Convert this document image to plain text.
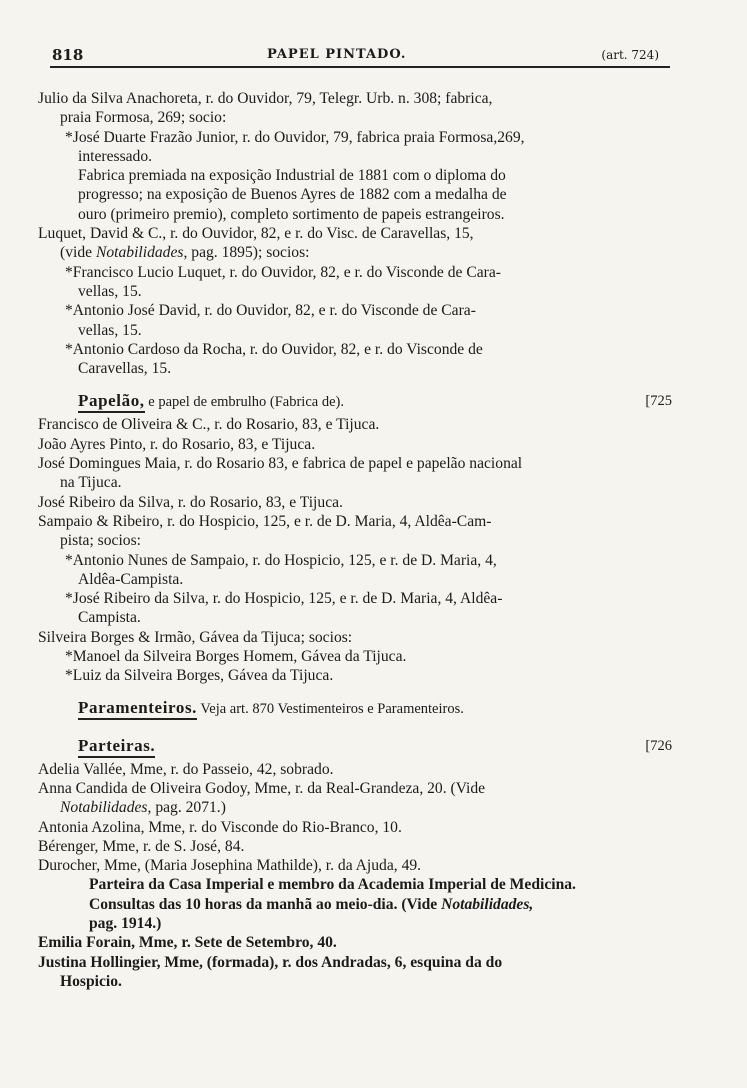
818	PAPEL PINTADO.	(art. 724)

Julio da Silva Anachoreta, r. do Ouvidor, 79, Telegr. Urb. n. 308; fabrica,
praia Formosa, 269; socio:

*José Duarte Frazão Junior, r. do Ouvidor, 79, fabrica praia Formosa,269,
interessado.

Fabrica premiada na exposição Industrial de 1881 com o diploma do
progresso; na exposição de Buenos Ayres de 1882 com a medalha de
ouro (primeiro premio), completo sortimento de papeis estrangeiros.

Luquet, David & C., r. do Ouvidor, 82, e r. do Visc. de Caravellas, 15,
(vide Notabilidades, pag. 1895); socios:

*Francisco Lucio Luquet, r. do Ouvidor, 82, e r. do Visconde de Cara-
vellas, 15.

*Antonio José David, r. do Ouvidor, 82, e r. do Visconde de Cara-
vellas, 15.

*Antonio Cardoso da Rocha, r. do Ouvidor, 82, e r. do Visconde de
Caravellas, 15.

Papelão, e papel de embrulho (Fabrica de).	[725

Francisco de Oliveira & C., r. do Rosario, 83, e Tijuca.

João Ayres Pinto, r. do Rosario, 83, e Tijuca.

José Domingues Maia, r. do Rosario 83, e fabrica de papel e papelão nacional
na Tijuca.

José Ribeiro da Silva, r. do Rosario, 83, e Tijuca.

Sampaio & Ribeiro, r. do Hospicio, 125, e r. de D. Maria, 4, Aldêa-Cam-
pista; socios:

*Antonio Nunes de Sampaio, r. do Hospicio, 125, e r. de D. Maria, 4,
Aldêa-Campista.

*José Ribeiro da Silva, r. do Hospicio, 125, e r. de D. Maria, 4, Aldêa-
Campista.

Silveira Borges & Irmão, Gávea da Tijuca; socios:

*Manoel da Silveira Borges Homem, Gávea da Tijuca.

*Luiz da Silveira Borges, Gávea da Tijuca.

Paramenteiros. Veja art. 870 Vestimenteiros e Paramenteiros.
Parteiras.	[726

Adelia Vallée, Mme, r. do Passeio, 42, sobrado.

Anna Candida de Oliveira Godoy, Mme, r. da Real-Grandeza, 20. (Vide
Notabilidades, pag. 2071.)

Antonia Azolina, Mme, r. do Visconde do Rio-Branco, 10.

Bérenger, Mme, r. de S. José, 84.

Durocher, Mme, (Maria Josephina Mathilde), r. da Ajuda, 49.

Parteira da Casa Imperial e membro da Academia Imperial de Medicina.
Consultas das 10 horas da manhã ao meio-dia. (Vide Notabilidades,
pag. 1914.)

Emilia Forain, Mme, r. Sete de Setembro, 40.

Justina Hollingier, Mme, (formada), r. dos Andradas, 6, esquina da do
Hospicio.
